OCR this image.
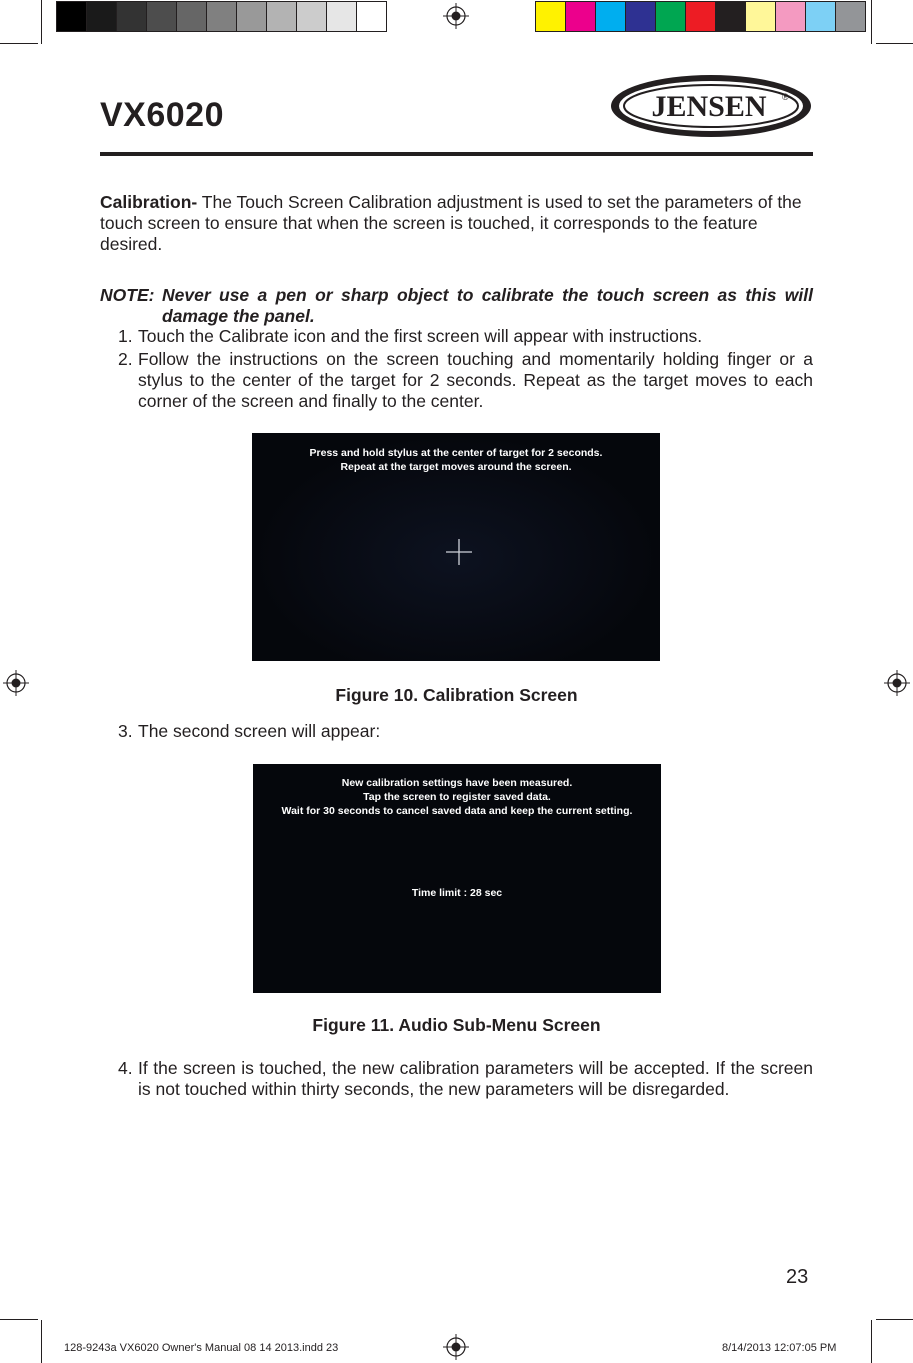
VX6020	JENSEN ®
Calibration- The Touch Screen Calibration adjustment is used to set the parameters of the touch screen to ensure that when the screen is touched, it corresponds to the feature desired.
NOTE: Never use a pen or sharp object to calibrate the touch screen as this will damage the panel.
1. Touch the Calibrate icon and the first screen will appear with instructions.
2. Follow the instructions on the screen touching and momentarily holding finger or a stylus to the center of the target for 2 seconds. Repeat as the target moves to each corner of the screen and finally to the center.
Press and hold stylus at the center of target for 2 seconds.
Repeat at the target moves around the screen.
Figure 10. Calibration Screen
3. The second screen will appear:
New calibration settings have been measured.
Tap the screen to register saved data.
Wait for 30 seconds to cancel saved data and keep the current setting.
Time limit : 28 sec
Figure 11. Audio Sub-Menu Screen
4. If the screen is touched, the new calibration parameters will be accepted. If the screen is not touched within thirty seconds, the new parameters will be disregarded.
23
128-9243a VX6020 Owner's Manual 08 14 2013.indd 23	8/14/2013 12:07:05 PM
